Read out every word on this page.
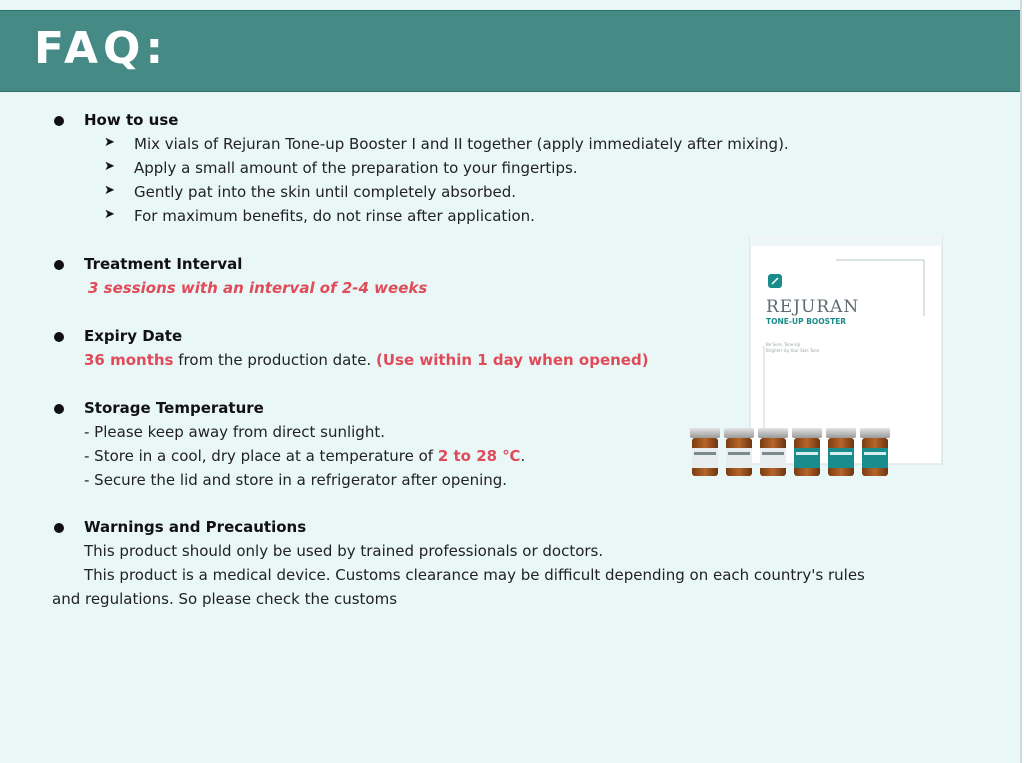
FAQ:
How to use
➤ Mix vials of Rejuran Tone-up Booster I and II together (apply immediately after mixing).
➤ Apply a small amount of the preparation to your fingertips.
➤ Gently pat into the skin until completely absorbed.
➤ For maximum benefits, do not rinse after application.
Treatment Interval
3 sessions with an interval of 2-4 weeks
Expiry Date
36 months from the production date. (Use within 1 day when opened)
Storage Temperature
- Please keep away from direct sunlight.
- Store in a cool, dry place at a temperature of 2 to 28 ℃.
- Secure the lid and store in a refrigerator after opening.
Warnings and Precautions
This product should only be used by trained professionals or doctors.
This product is a medical device. Customs clearance may be difficult depending on each country's rules
and regulations. So please check the customs
REJURAN
TONE-UP BOOSTER
Be Sure, Tone-Up
Brighter Up Your Skin Tone
